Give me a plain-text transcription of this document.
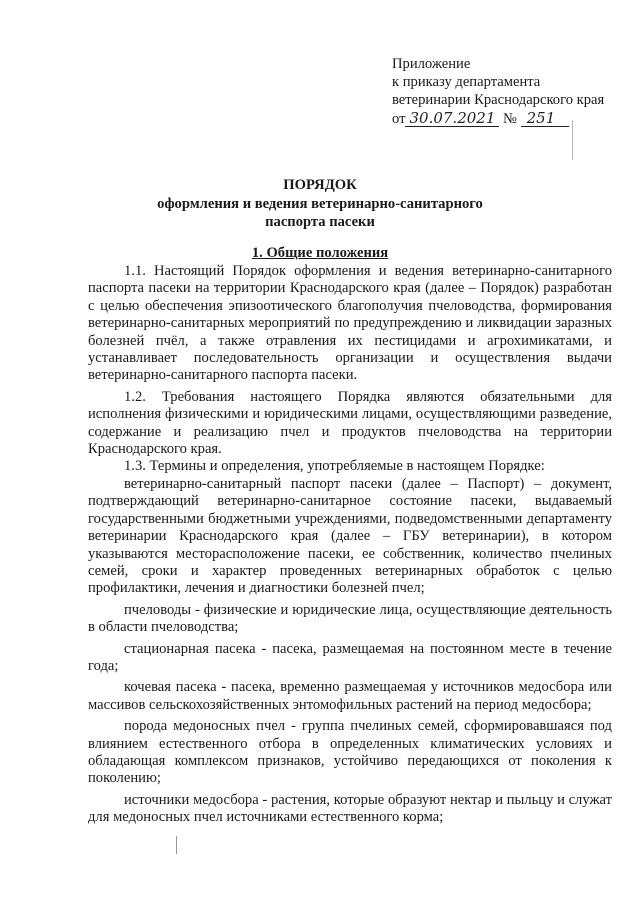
Приложение
к приказу департамента
ветеринарии Краснодарского края
от 30.07.2021 № 251
ПОРЯДОК
оформления и ведения ветеринарно-санитарного
паспорта пасеки
1. Общие положения

1.1. Настоящий Порядок оформления и ведения ветеринарно-санитарного паспорта пасеки на территории Краснодарского края (далее – Порядок) разработан с целью обеспечения эпизоотического благополучия пчеловодства, формирования ветеринарно-санитарных мероприятий по предупреждению и ликвидации заразных болезней пчёл, а также отравления их пестицидами и агрохимикатами, и устанавливает последовательность организации и осуществления выдачи ветеринарно-санитарного паспорта пасеки.

1.2. Требования настоящего Порядка являются обязательными для исполнения физическими и юридическими лицами, осуществляющими разведение, содержание и реализацию пчел и продуктов пчеловодства на территории Краснодарского края.

1.3. Термины и определения, употребляемые в настоящем Порядке:

ветеринарно-санитарный паспорт пасеки (далее – Паспорт) – документ, подтверждающий ветеринарно-санитарное состояние пасеки, выдаваемый государственными бюджетными учреждениями, подведомственными департаменту ветеринарии Краснодарского края (далее – ГБУ ветеринарии), в котором указываются месторасположение пасеки, ее собственник, количество пчелиных семей, сроки и характер проведенных ветеринарных обработок с целью профилактики, лечения и диагностики болезней пчел;

пчеловоды - физические и юридические лица, осуществляющие деятельность в области пчеловодства;

стационарная пасека - пасека, размещаемая на постоянном месте в течение года;

кочевая пасека - пасека, временно размещаемая у источников медосбора или массивов сельскохозяйственных энтомофильных растений на период медосбора;

порода медоносных пчел - группа пчелиных семей, сформировавшаяся под влиянием естественного отбора в определенных климатических условиях и обладающая комплексом признаков, устойчиво передающихся от поколения к поколению;

источники медосбора - растения, которые образуют нектар и пыльцу и служат для медоносных пчел источниками естественного корма;
